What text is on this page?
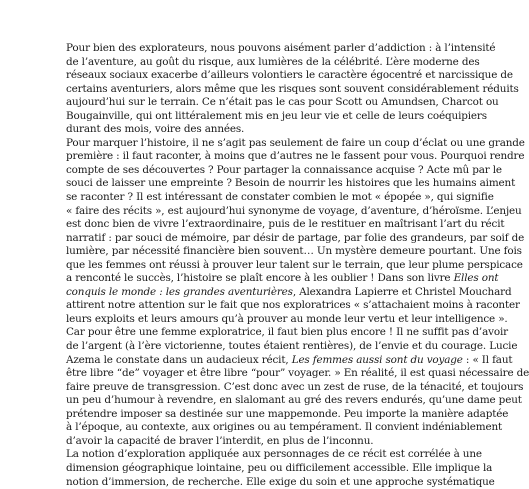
Pour bien des explorateurs, nous pouvons aisément parler d’addiction : à l’intensité
de l’aventure, au goût du risque, aux lumières de la célébrité. L’ère moderne des
réseaux sociaux exacerbe d’ailleurs volontiers le caractère égocentré et narcissique de
certains aventuriers, alors même que les risques sont souvent considérablement réduits
aujourd’hui sur le terrain. Ce n’était pas le cas pour Scott ou Amundsen, Charcot ou
Bougainville, qui ont littéralement mis en jeu leur vie et celle de leurs coéquipiers
durant des mois, voire des années.
Pour marquer l’histoire, il ne s’agit pas seulement de faire un coup d’éclat ou une grande
première : il faut raconter, à moins que d’autres ne le fassent pour vous. Pourquoi rendre
compte de ses découvertes ? Pour partager la connaissance acquise ? Acte mû par le
souci de laisser une empreinte ? Besoin de nourrir les histoires que les humains aiment
se raconter ? Il est intéressant de constater combien le mot « épopée », qui signifie
« faire des récits », est aujourd’hui synonyme de voyage, d’aventure, d’héroïsme. L’enjeu
est donc bien de vivre l’extraordinaire, puis de le restituer en maîtrisant l’art du récit
narratif : par souci de mémoire, par désir de partage, par folie des grandeurs, par soif de
lumière, par nécessité financière bien souvent… Un mystère demeure pourtant. Une fois
que les femmes ont réussi à prouver leur talent sur le terrain, que leur plume perspicace
a renconté le succès, l’histoire se plaît encore à les oublier ! Dans son livre Elles ont
conquis le monde : les grandes aventurières, Alexandra Lapierre et Christel Mouchard
attirent notre attention sur le fait que nos exploratrices « s’attachaient moins à raconter
leurs exploits et leurs amours qu’à prouver au monde leur vertu et leur intelligence ».
Car pour être une femme exploratrice, il faut bien plus encore ! Il ne suffit pas d’avoir
de l’argent (à l’ère victorienne, toutes étaient rentières), de l’envie et du courage. Lucie
Azema le constate dans un audacieux récit, Les femmes aussi sont du voyage : « Il faut
être libre “de” voyager et être libre “pour” voyager. » En réalité, il est quasi nécessaire de
faire preuve de transgression. C’est donc avec un zest de ruse, de la ténacité, et toujours
un peu d’humour à revendre, en slalomant au gré des revers endurés, qu’une dame peut
prétendre imposer sa destinée sur une mappemonde. Peu importe la manière adaptée
à l’époque, au contexte, aux origines ou au tempérament. Il convient indéniablement
d’avoir la capacité de braver l’interdit, en plus de l’inconnu.
La notion d’exploration appliquée aux personnages de ce récit est corrélée à une
dimension géographique lointaine, peu ou difficilement accessible. Elle implique la
notion d’immersion, de recherche. Elle exige du soin et une approche systématique
